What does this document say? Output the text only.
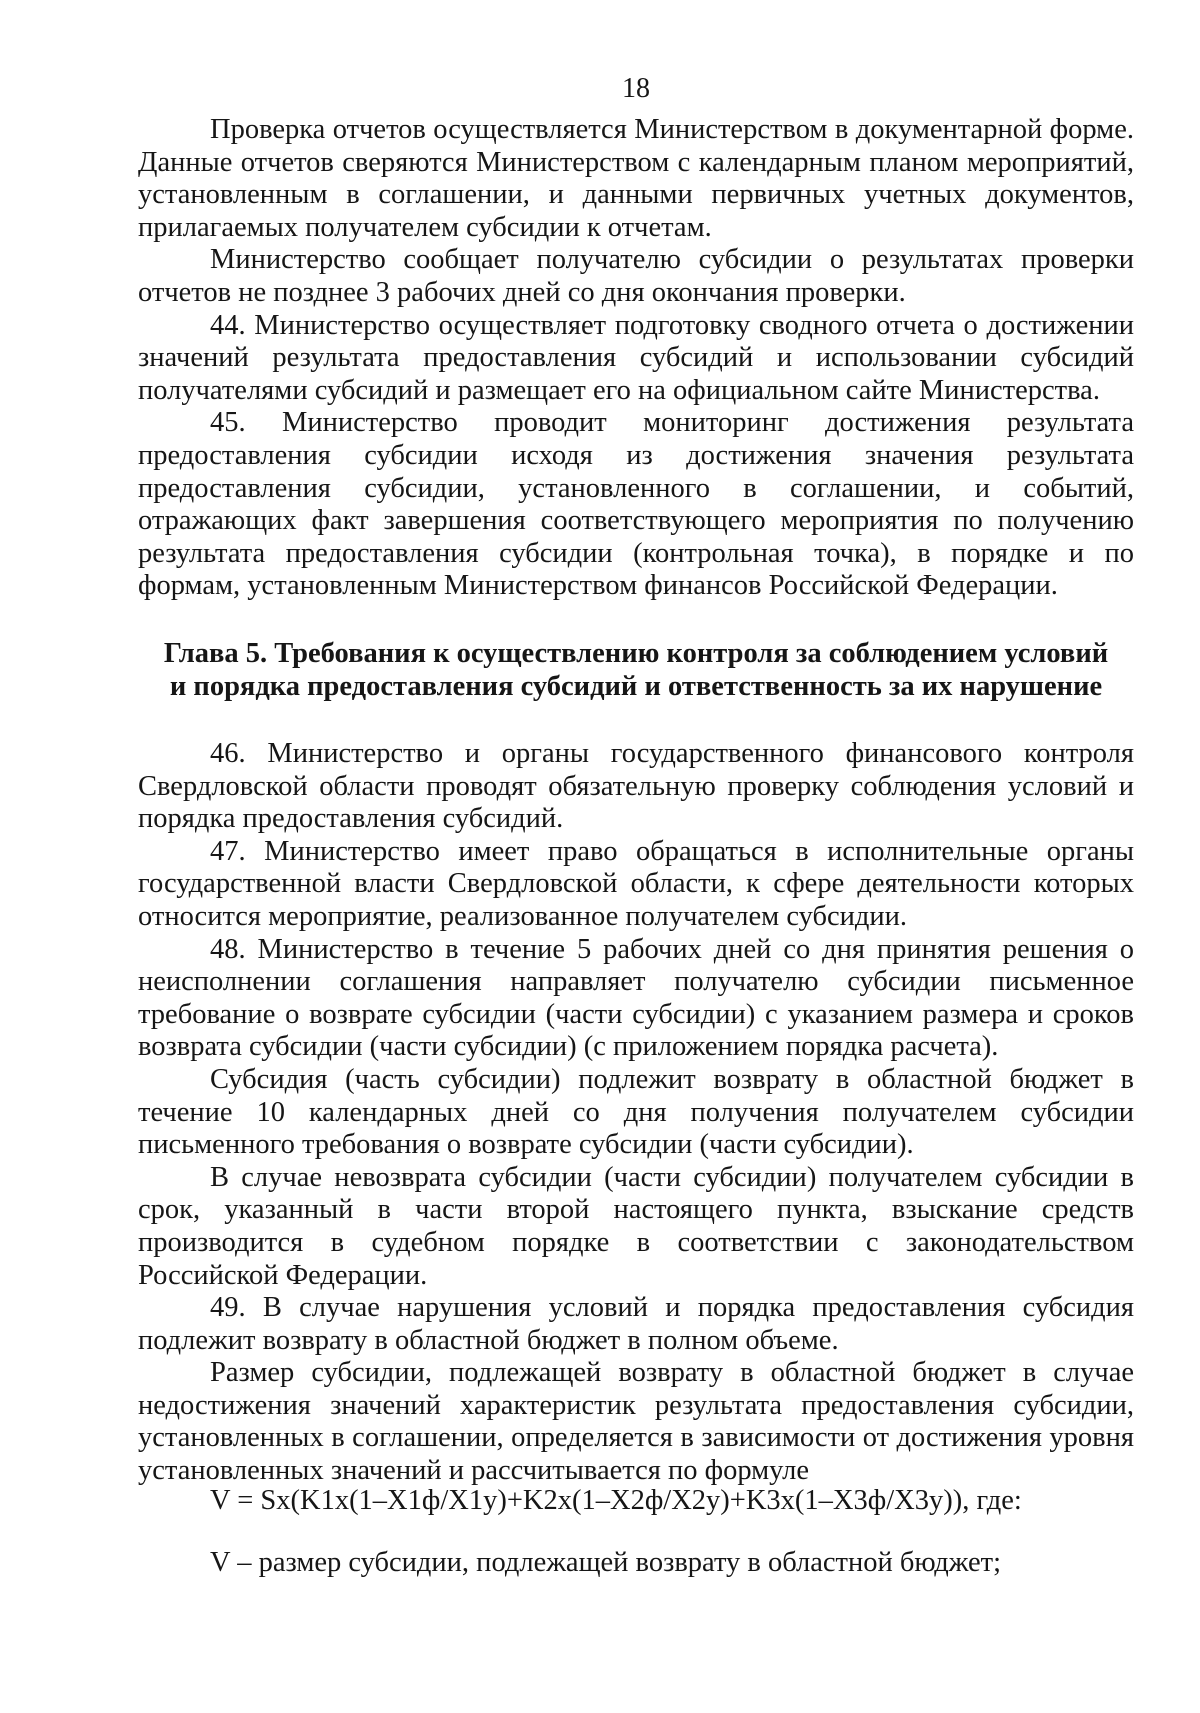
18

Проверка отчетов осуществляется Министерством в документарной форме. Данные отчетов сверяются Министерством с календарным планом мероприятий, установленным в соглашении, и данными первичных учетных документов, прилагаемых получателем субсидии к отчетам.

Министерство сообщает получателю субсидии о результатах проверки отчетов не позднее 3 рабочих дней со дня окончания проверки.

44. Министерство осуществляет подготовку сводного отчета о достижении значений результата предоставления субсидий и использовании субсидий получателями субсидий и размещает его на официальном сайте Министерства.

45. Министерство проводит мониторинг достижения результата предоставления субсидии исходя из достижения значения результата предоставления субсидии, установленного в соглашении, и событий, отражающих факт завершения соответствующего мероприятия по получению результата предоставления субсидии (контрольная точка), в порядке и по формам, установленным Министерством финансов Российской Федерации.

Глава 5. Требования к осуществлению контроля за соблюдением условий
и порядка предоставления субсидий и ответственность за их нарушение

46. Министерство и органы государственного финансового контроля Свердловской области проводят обязательную проверку соблюдения условий и порядка предоставления субсидий.

47. Министерство имеет право обращаться в исполнительные органы государственной власти Свердловской области, к сфере деятельности которых относится мероприятие, реализованное получателем субсидии.

48. Министерство в течение 5 рабочих дней со дня принятия решения о неисполнении соглашения направляет получателю субсидии письменное требование о возврате субсидии (части субсидии) с указанием размера и сроков возврата субсидии (части субсидии) (с приложением порядка расчета).

Субсидия (часть субсидии) подлежит возврату в областной бюджет в течение 10 календарных дней со дня получения получателем субсидии письменного требования о возврате субсидии (части субсидии).

В случае невозврата субсидии (части субсидии) получателем субсидии в срок, указанный в части второй настоящего пункта, взыскание средств производится в судебном порядке в соответствии с законодательством Российской Федерации.

49. В случае нарушения условий и порядка предоставления субсидия подлежит возврату в областной бюджет в полном объеме.

Размер субсидии, подлежащей возврату в областной бюджет в случае недостижения значений характеристик результата предоставления субсидии, установленных в соглашении, определяется в зависимости от достижения уровня установленных значений и рассчитывается по формуле

V = Sx(K1x(1–X1ф/X1y)+K2x(1–X2ф/X2y)+K3x(1–X3ф/X3y)), где:
V – размер субсидии, подлежащей возврату в областной бюджет;
